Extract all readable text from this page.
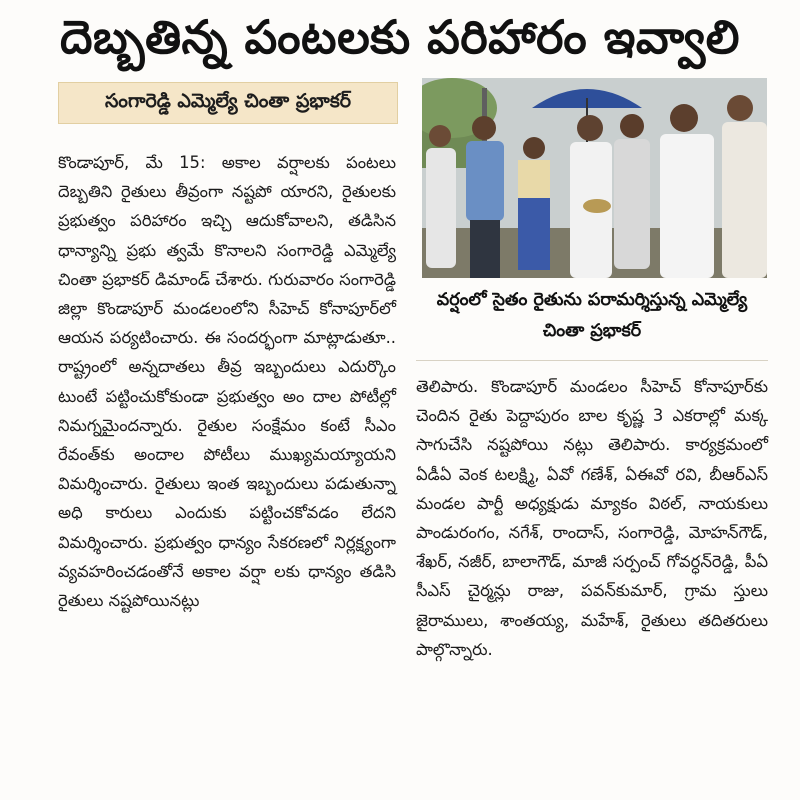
దెబ్బతిన్న పంటలకు పరిహారం ఇవ్వాలి
సంగారెడ్డి ఎమ్మెల్యే చింతా ప్రభాకర్
కొండాపూర్, మే 15: అకాల వర్షాలకు పంటలు దెబ్బతిని రైతులు తీవ్రంగా నష్టపో యారని, రైతులకు ప్రభుత్వం పరిహారం ఇచ్చి ఆదుకోవాలని, తడిసిన ధాన్యాన్ని ప్రభు త్వమే కొనాలని సంగారెడ్డి ఎమ్మెల్యే చింతా ప్రభాకర్ డిమాండ్ చేశారు. గురువారం సంగారెడ్డి జిల్లా కొండాపూర్ మండలంలోని సీహెచ్ కోనాపూర్‌లో ఆయన పర్యటించారు. ఈ సందర్భంగా మాట్లాడుతూ.. రాష్ట్రంలో అన్నదాతలు తీవ్ర ఇబ్బందులు ఎదుర్కొం టుంటే పట్టించుకోకుండా ప్రభుత్వం అం దాల పోటీల్లో నిమగ్నమైందన్నారు. రైతుల సంక్షేమం కంటే సీఎం రేవంత్‌కు అందాల పోటీలు ముఖ్యమయ్యాయని విమర్శించారు. రైతులు ఇంత ఇబ్బందులు పడుతున్నా అధి కారులు ఎందుకు పట్టించకోవడం లేదని విమర్శించారు. ప్రభుత్వం ధాన్యం సేకరణలో నిర్లక్ష్యంగా వ్యవహరించడంతోనే అకాల వర్షా లకు ధాన్యం తడిసి రైతులు నష్టపోయినట్లు
వర్షంలో సైతం రైతును పరామర్శిస్తున్న ఎమ్మెల్యే చింతా ప్రభాకర్
తెలిపారు. కొండాపూర్ మండలం సీహెచ్ కోనాపూర్‌కు చెందిన రైతు పెద్దాపురం బాల కృష్ణ 3 ఎకరాల్లో మక్క సాగుచేసి నష్టపోయి నట్లు తెలిపారు. కార్యక్రమంలో ఏడీఏ వెంక టలక్ష్మి, ఏవో గణేశ్, ఏఈవో రవి, బీఆర్ఎస్ మండల పార్టీ అధ్యక్షుడు మ్యాకం విఠల్, నాయకులు పాండురంగం, నగేశ్, రాందాస్, సంగారెడ్డి, మోహన్‌గౌడ్, శేఖర్, నజీర్, బాలాగౌడ్, మాజీ సర్పంచ్ గోవర్ధన్‌రెడ్డి, పీఏ సీఎస్ చైర్మన్లు రాజు, పవన్‌కుమార్, గ్రామ స్తులు జైరాములు, శాంతయ్య, మహేశ్, రైతులు తదితరులు పాల్గొన్నారు.
